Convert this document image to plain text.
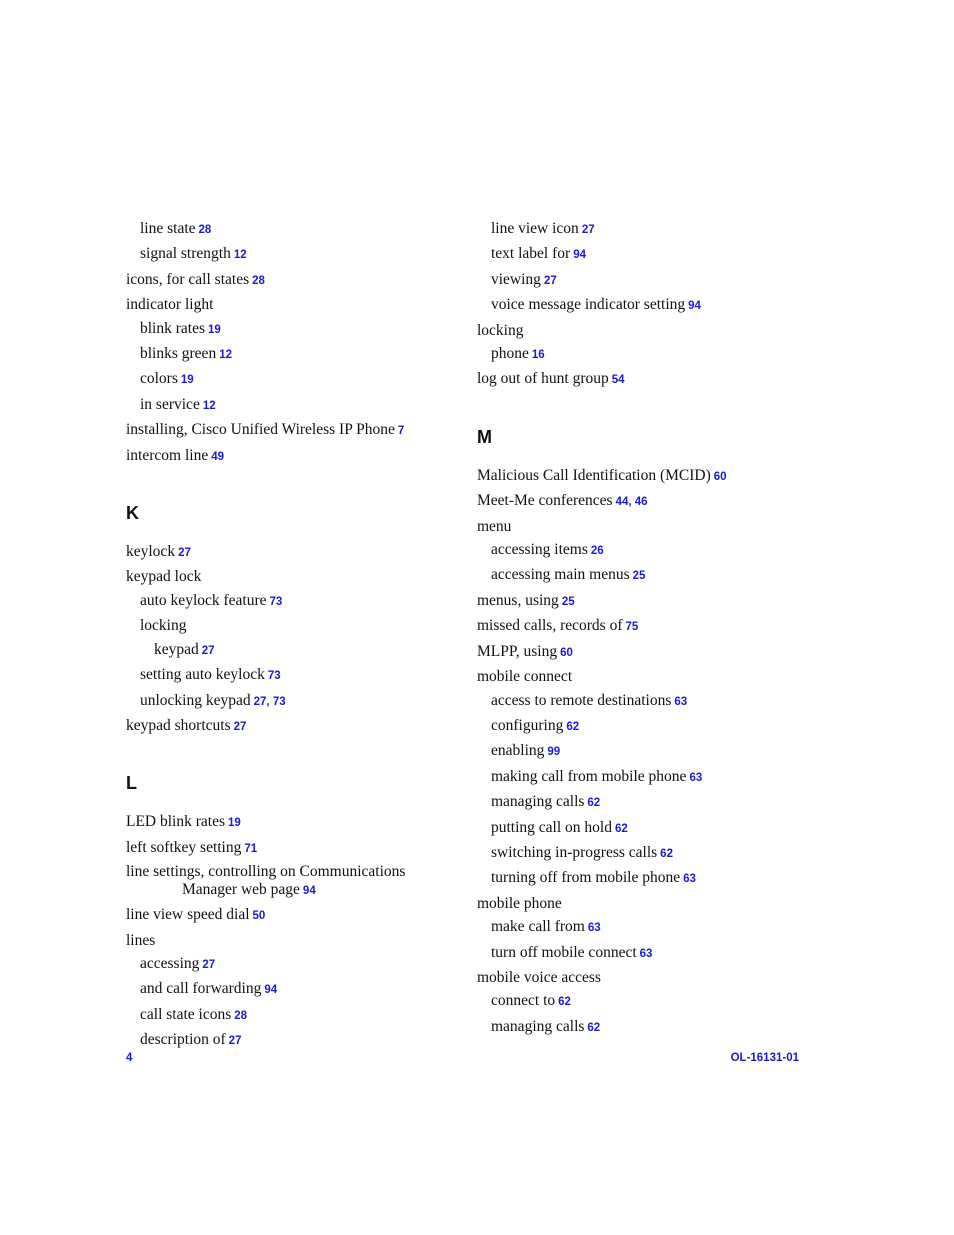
line state 28
signal strength 12
icons, for call states 28
indicator light
blink rates 19
blinks green 12
colors 19
in service 12
installing, Cisco Unified Wireless IP Phone 7
intercom line 49
K
keylock 27
keypad lock
auto keylock feature 73
locking
keypad 27
setting auto keylock 73
unlocking keypad 27, 73
keypad shortcuts 27
L
LED blink rates 19
left softkey setting 71
line settings, controlling on Communications
Manager web page 94
line view speed dial 50
lines
accessing 27
and call forwarding 94
call state icons 28
description of 27
line view icon 27
text label for 94
viewing 27
voice message indicator setting 94
locking
phone 16
log out of hunt group 54
M
Malicious Call Identification (MCID) 60
Meet-Me conferences 44, 46
menu
accessing items 26
accessing main menus 25
menus, using 25
missed calls, records of 75
MLPP, using 60
mobile connect
access to remote destinations 63
configuring 62
enabling 99
making call from mobile phone 63
managing calls 62
putting call on hold 62
switching in-progress calls 62
turning off from mobile phone 63
mobile phone
make call from 63
turn off mobile connect 63
mobile voice access
connect to 62
managing calls 62
4	OL-16131-01
